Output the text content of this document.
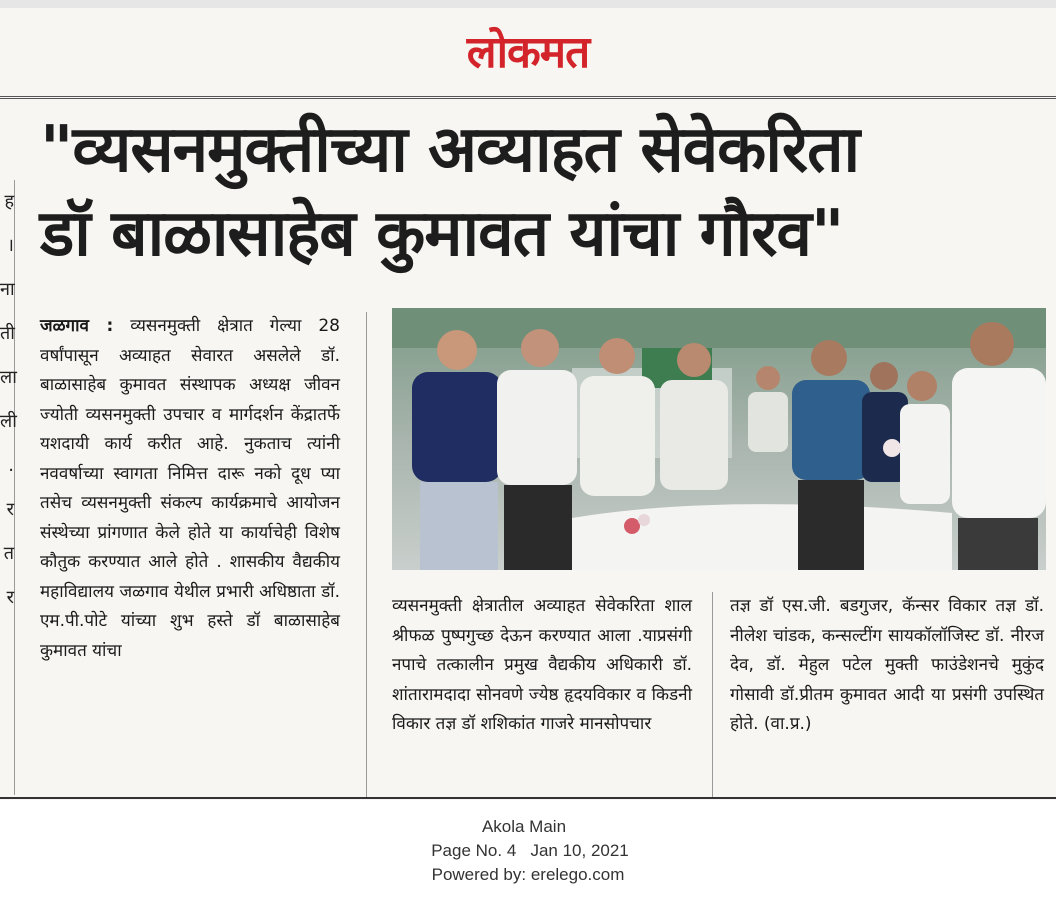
लोकमत
ह
।
ना
ती
ला
ली
.
र
त
र
"व्यसनमुक्तीच्या अव्याहत सेवेकरिता
डॉ बाळासाहेब कुमावत यांचा गौरव"
जळगाव : व्यसनमुक्ती क्षेत्रात गेल्या 28 वर्षांपासून अव्याहत सेवारत असलेले डॉ. बाळासाहेब कुमावत संस्थापक अध्यक्ष जीवन ज्योती व्यसनमुक्ती उपचार व मार्गदर्शन केंद्रातर्फे यशदायी कार्य करीत आहे. नुकताच त्यांनी नववर्षाच्या स्वागता निमित्त दारू नको दूध प्या तसेच व्यसनमुक्ती संकल्प कार्यक्रमाचे आयोजन संस्थेच्या प्रांगणात केले होते या कार्याचेही विशेष कौतुक करण्यात आले होते . शासकीय वैद्यकीय महाविद्यालय जळगाव येथील प्रभारी अधिष्ठाता डॉ. एम.पी.पोटे यांच्या शुभ हस्ते डॉ बाळासाहेब कुमावत यांचा
व्यसनमुक्ती क्षेत्रातील अव्याहत सेवेकरिता शाल श्रीफळ पुष्पगुच्छ देऊन करण्यात आला .याप्रसंगी नपाचे तत्कालीन प्रमुख वैद्यकीय अधिकारी डॉ. शांतारामदादा सोनवणे ज्येष्ठ हृदयविकार व किडनी विकार तज्ञ डॉ शशिकांत गाजरे मानसोपचार
तज्ञ डॉ एस.जी. बडगुजर, कॅन्सर विकार तज्ञ डॉ. नीलेश चांडक, कन्सल्टींग सायकॉलॉजिस्ट डॉ. नीरज देव, डॉ. मेहुल पटेल मुक्ती फाउंडेशनचे मुकुंद गोसावी डॉ.प्रीतम कुमावत आदी या प्रसंगी उपस्थित होते. (वा.प्र.)
Akola Main
Page No. 4 Jan 10, 2021
Powered by: erelego.com
